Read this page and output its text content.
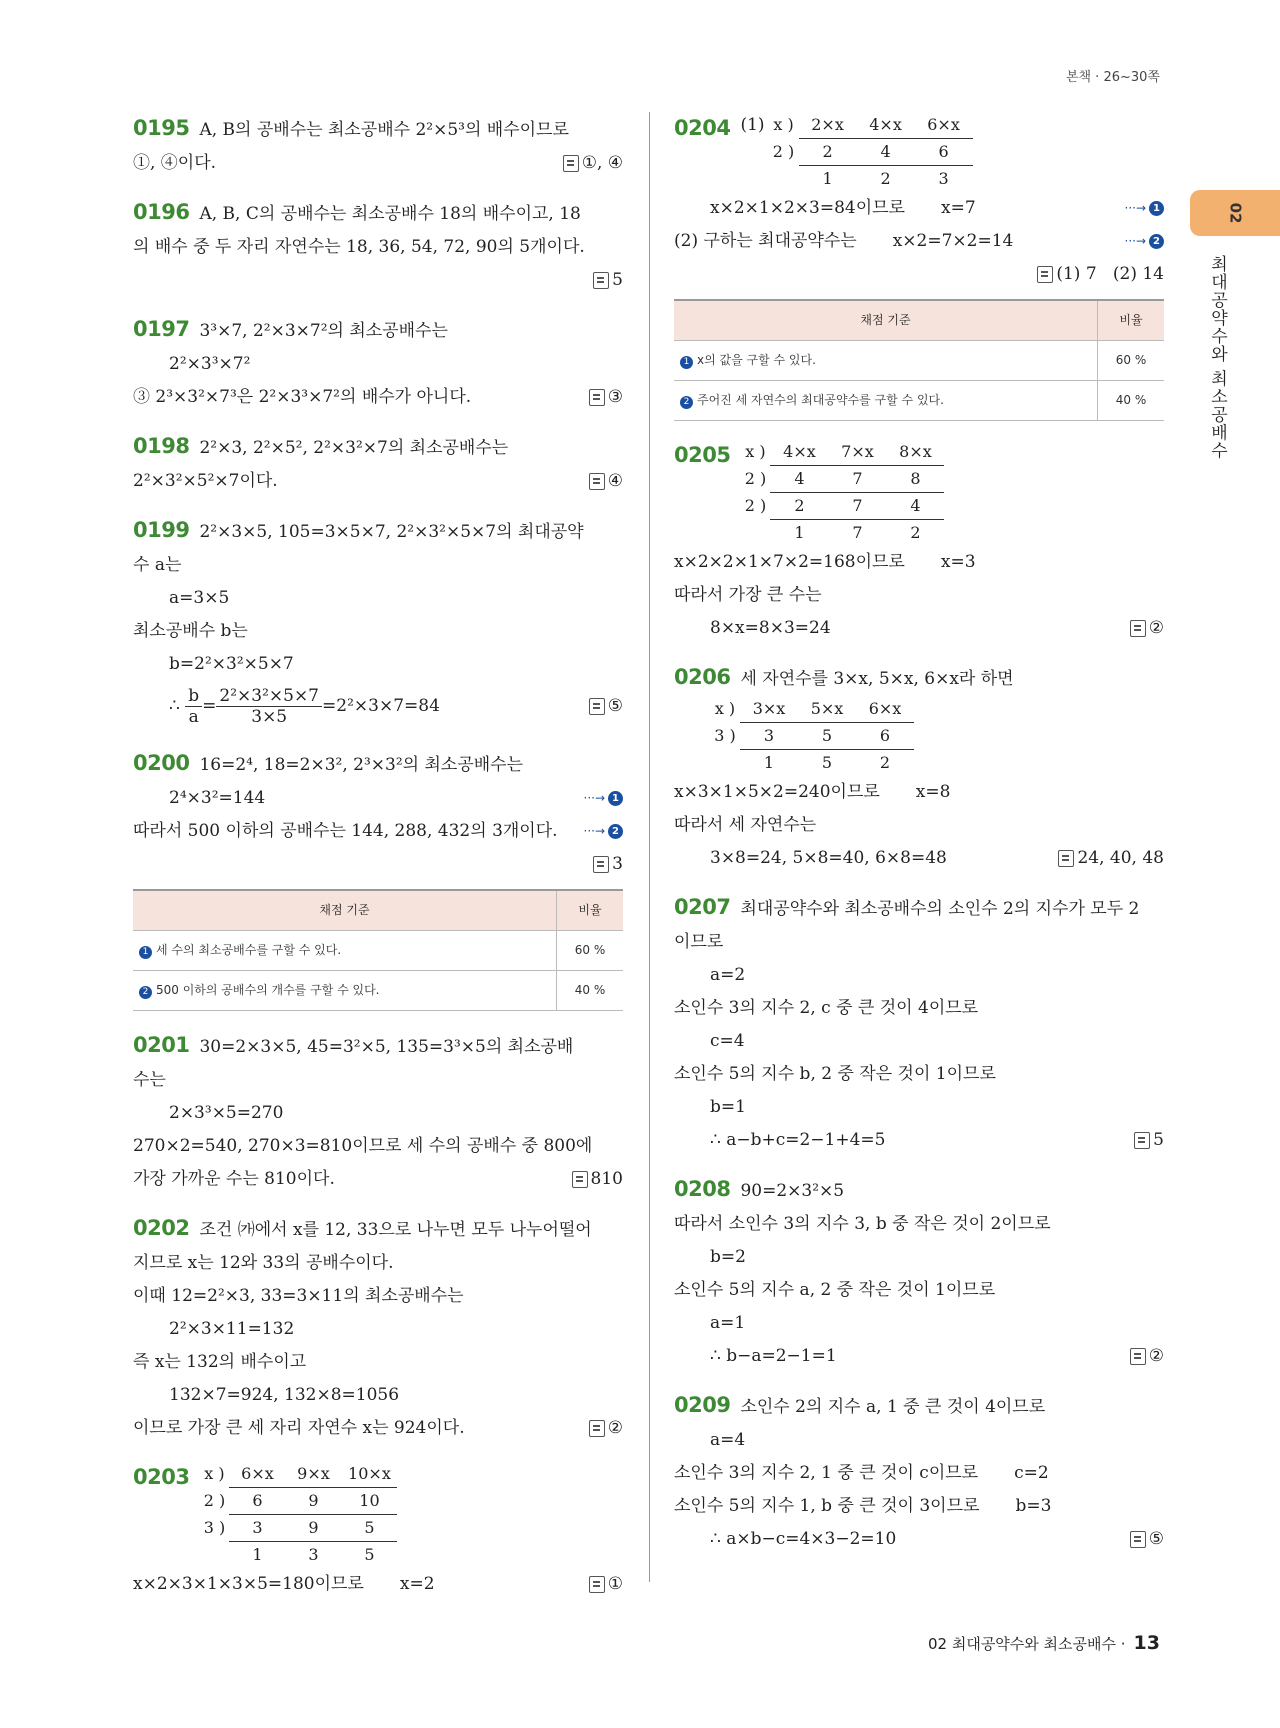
본책 · 26~30쪽
02
최대공약수와 최소공배수
0195 A, B의 공배수는 최소공배수 2²×5³의 배수이므로
①, ④이다.	①, ④
0196 A, B, C의 공배수는 최소공배수 18의 배수이고, 18
의 배수 중 두 자리 자연수는 18, 36, 54, 72, 90의 5개이다.
5
0197 3³×7, 2²×3×7²의 최소공배수는
2²×3³×7²
③ 2³×3²×7³은 2²×3³×7²의 배수가 아니다.	③
0198 2²×3, 2²×5², 2²×3²×7의 최소공배수는
2²×3²×5²×7이다.	④
0199 2²×3×5, 105=3×5×7, 2²×3²×5×7의 최대공약
수 a는
a=3×5
최소공배수 b는
b=2²×3²×5×7
∴ $\frac{b}{a} = \frac{\text{2²×3²×5×7}}{3\times 5} =2^2\times 3\times 7=84$	⑤
0200 16=2⁴, 18=2×3², 2³×3²의 최소공배수는
2⁴×3²=144	···→ 1
따라서 500 이하의 공배수는 144, 288, 432의 3개이다. ···→ 2
3
채점 기준	비율
1 세 수의 최소공배수를 구할 수 있다.	60 %
2 500 이하의 공배수의 개수를 구할 수 있다.	40 %
0201 30=2×3×5, 45=3²×5, 135=3³×5의 최소공배
수는
2×3³×5=270
270×2=540, 270×3=810이므로 세 수의 공배수 중 800에
가장 가까운 수는 810이다.	810
0202 조건 ㈎에서 x를 12, 33으로 나누면 모두 나누어떨어
지므로 x는 12와 33의 공배수이다.
이때 12=2²×3, 33=3×11의 최소공배수는
2²×3×11=132
즉 x는 132의 배수이고
132×7=924, 132×8=1056
이므로 가장 큰 세 자리 자연수 x는 924이다.	②
0203 x )	6×x	9×x	10×x
2 )	6	9	10
3 )	3	9	5
1	3	5
x×2×3×1×3×5=180이므로 x=2	①
0204 (1) x )	2×x	4×x	6×x
2 )	2	4	6
1	2	3
x×2×1×2×3=84이므로 x=7	···→ 1
(2) 구하는 최대공약수는 x×2=7×2=14	···→ 2
(1) 7   (2) 14
채점 기준	비율
1 x의 값을 구할 수 있다.	60 %
2 주어진 세 자연수의 최대공약수를 구할 수 있다.	40 %
0205 x )	4×x	7×x	8×x
2 )	4	7	8
2 )	2	7	4
1	7	2
x×2×2×1×7×2=168이므로 x=3
따라서 가장 큰 수는
8×x=8×3=24	②
0206 세 자연수를 3×x, 5×x, 6×x라 하면
x )	3×x	5×x	6×x
3 )	3	5	6
1	5	2
x×3×1×5×2=240이므로 x=8
따라서 세 자연수는
3×8=24, 5×8=40, 6×8=48	24, 40, 48
0207 최대공약수와 최소공배수의 소인수 2의 지수가 모두 2
이므로
a=2
소인수 3의 지수 2, c 중 큰 것이 4이므로
c=4
소인수 5의 지수 b, 2 중 작은 것이 1이므로
b=1
∴ a−b+c=2−1+4=5	5
0208 90=2×3²×5
따라서 소인수 3의 지수 3, b 중 작은 것이 2이므로
b=2
소인수 5의 지수 a, 2 중 작은 것이 1이므로
a=1
∴ b−a=2−1=1	②
0209 소인수 2의 지수 a, 1 중 큰 것이 4이므로
a=4
소인수 3의 지수 2, 1 중 큰 것이 c이므로 c=2
소인수 5의 지수 1, b 중 큰 것이 3이므로 b=3
∴ a×b−c=4×3−2=10	⑤
02 최대공약수와 최소공배수 · 13
